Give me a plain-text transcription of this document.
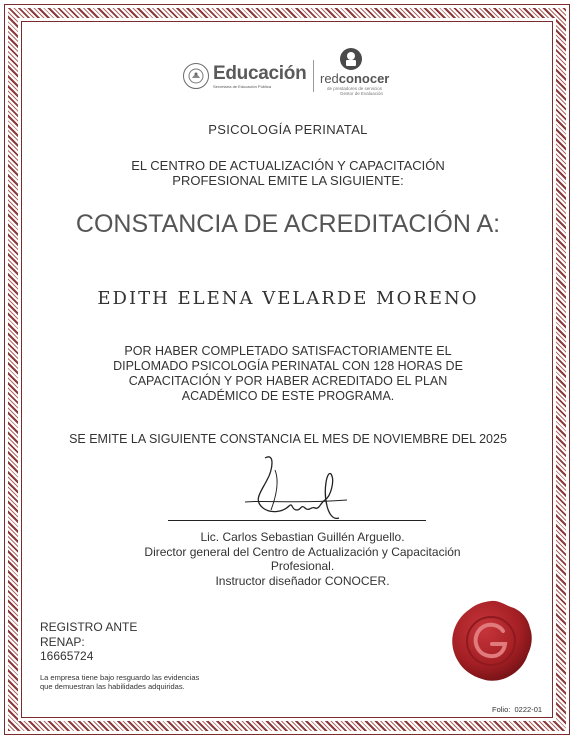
Educación
Secretaría de Educación Pública	redconocer
de prestadores de servicios
Gestor de Evaluación
PSICOLOGÍA PERINATAL
EL CENTRO DE ACTUALIZACIÓN Y CAPACITACIÓN
PROFESIONAL EMITE LA SIGUIENTE:
CONSTANCIA DE ACREDITACIÓN A:
EDITH ELENA VELARDE MORENO
POR HABER COMPLETADO SATISFACTORIAMENTE EL
DIPLOMADO PSICOLOGÍA PERINATAL CON 128 HORAS DE
CAPACITACIÓN Y POR HABER ACREDITADO EL PLAN
ACADÉMICO DE ESTE PROGRAMA.
SE EMITE LA SIGUIENTE CONSTANCIA EL MES DE NOVIEMBRE DEL 2025
Lic. Carlos Sebastian Guillén Arguello.
Director general del Centro de Actualización y Capacitación
Profesional.
Instructor diseñador CONOCER.
REGISTRO ANTE
RENAP:
16665724
La empresa tiene bajo resguardo las evidencias
que demuestran las habilidades adquiridas.
Folio: 0222-01
